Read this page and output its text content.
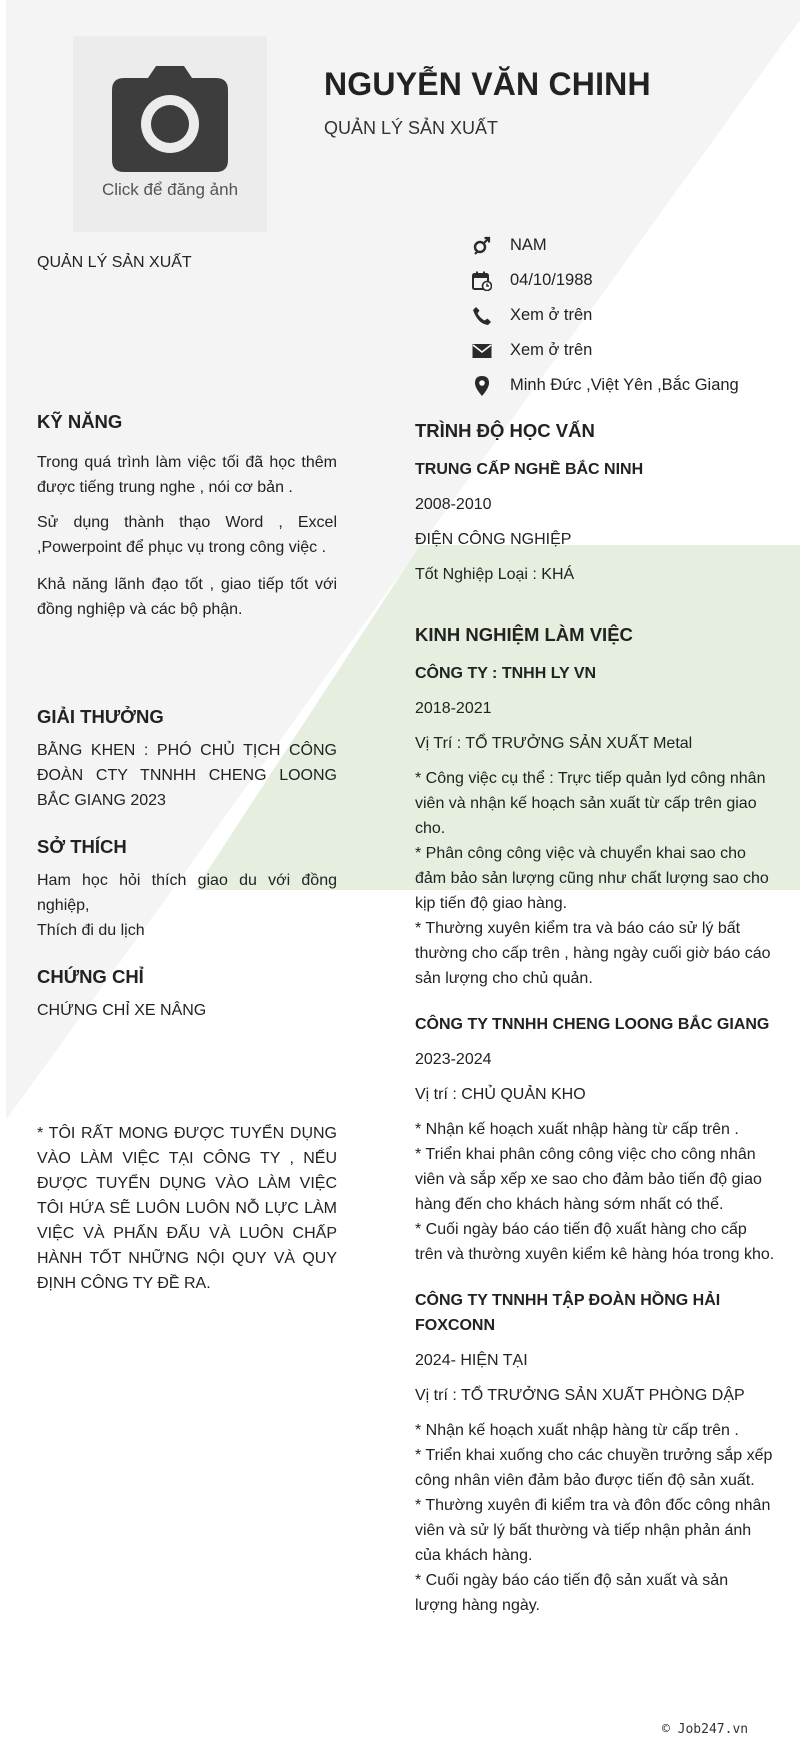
Click để đăng ảnh
NGUYỄN VĂN CHINH
QUẢN LÝ SẢN XUẤT
QUẢN LÝ SẢN XUẤT
NAM
04/10/1988
Xem ở trên
Xem ở trên
Minh Đức ,Việt Yên ,Bắc Giang
KỸ NĂNG
Trong quá trình làm việc tối đã học thêm được tiếng trung nghe , nói cơ bản .
Sử dụng thành thạo Word , Excel ,Powerpoint để phục vụ trong công việc .
Khả năng lãnh đạo tốt , giao tiếp tốt với đồng nghiệp và các bộ phận.
GIẢI THƯỞNG
BẰNG KHEN : PHÓ CHỦ TỊCH CÔNG ĐOÀN CTY TNNHH CHENG LOONG BẮC GIANG 2023
SỞ THÍCH
Ham học hỏi thích giao du với đồng nghiệp,
Thích đi du lịch
CHỨNG CHỈ
CHỨNG CHỈ XE NÂNG
* TÔI RẤT MONG ĐƯỢC TUYỂN DỤNG VÀO LÀM VIỆC TẠI CÔNG TY , NẾU ĐƯỢC TUYỂN DỤNG VÀO LÀM VIỆC TÔI HỨA SẼ LUÔN LUÔN NỖ LỰC LÀM VIỆC VÀ PHẤN ĐẤU VÀ LUÔN CHẤP HÀNH TỐT NHỮNG NỘI QUY VÀ QUY ĐỊNH CÔNG TY ĐỀ RA.
TRÌNH ĐỘ HỌC VẤN
TRUNG CẤP NGHỀ BẮC NINH
2008-2010
ĐIỆN CÔNG NGHIỆP
Tốt Nghiệp Loại : KHÁ
KINH NGHIỆM LÀM VIỆC
CÔNG TY : TNHH LY VN
2018-2021
Vị Trí : TỔ TRƯỞNG SẢN XUẤT Metal
* Công việc cụ thể : Trực tiếp quản lyd công nhân viên và nhận kế hoạch sản xuất từ cấp trên giao cho.
* Phân công công việc và chuyển khai sao cho đảm bảo sản lượng cũng như chất lượng sao cho kịp tiến độ giao hàng.
* Thường xuyên kiểm tra và báo cáo sử lý bất thường cho cấp trên , hàng ngày cuối giờ báo cáo sản lượng cho chủ quản.
CÔNG TY TNNHH CHENG LOONG BẮC GIANG
2023-2024
Vị trí : CHỦ QUẢN KHO
* Nhận kế hoạch xuất nhập hàng từ cấp trên .
* Triển khai phân công công việc cho công nhân viên và sắp xếp xe sao cho đảm bảo tiến độ giao hàng đến cho khách hàng sớm nhất có thể.
* Cuối ngày báo cáo tiến độ xuất hàng cho cấp trên và thường xuyên kiểm kê hàng hóa trong kho.
CÔNG TY TNNHH TẬP ĐOÀN HỒNG HẢI FOXCONN
2024- HIỆN TẠI
Vị trí : TỔ TRƯỞNG SẢN XUẤT PHÒNG DẬP
* Nhận kế hoạch xuất nhập hàng từ cấp trên .
* Triển khai xuống cho các chuyền trưởng sắp xếp công nhân viên đảm bảo được tiến độ sản xuất.
* Thường xuyên đi kiểm tra và đôn đốc công nhân viên và sử lý bất thường và tiếp nhận phản ánh của khách hàng.
* Cuối ngày báo cáo tiến độ sản xuất và sản lượng hàng ngày.
© Job247.vn
